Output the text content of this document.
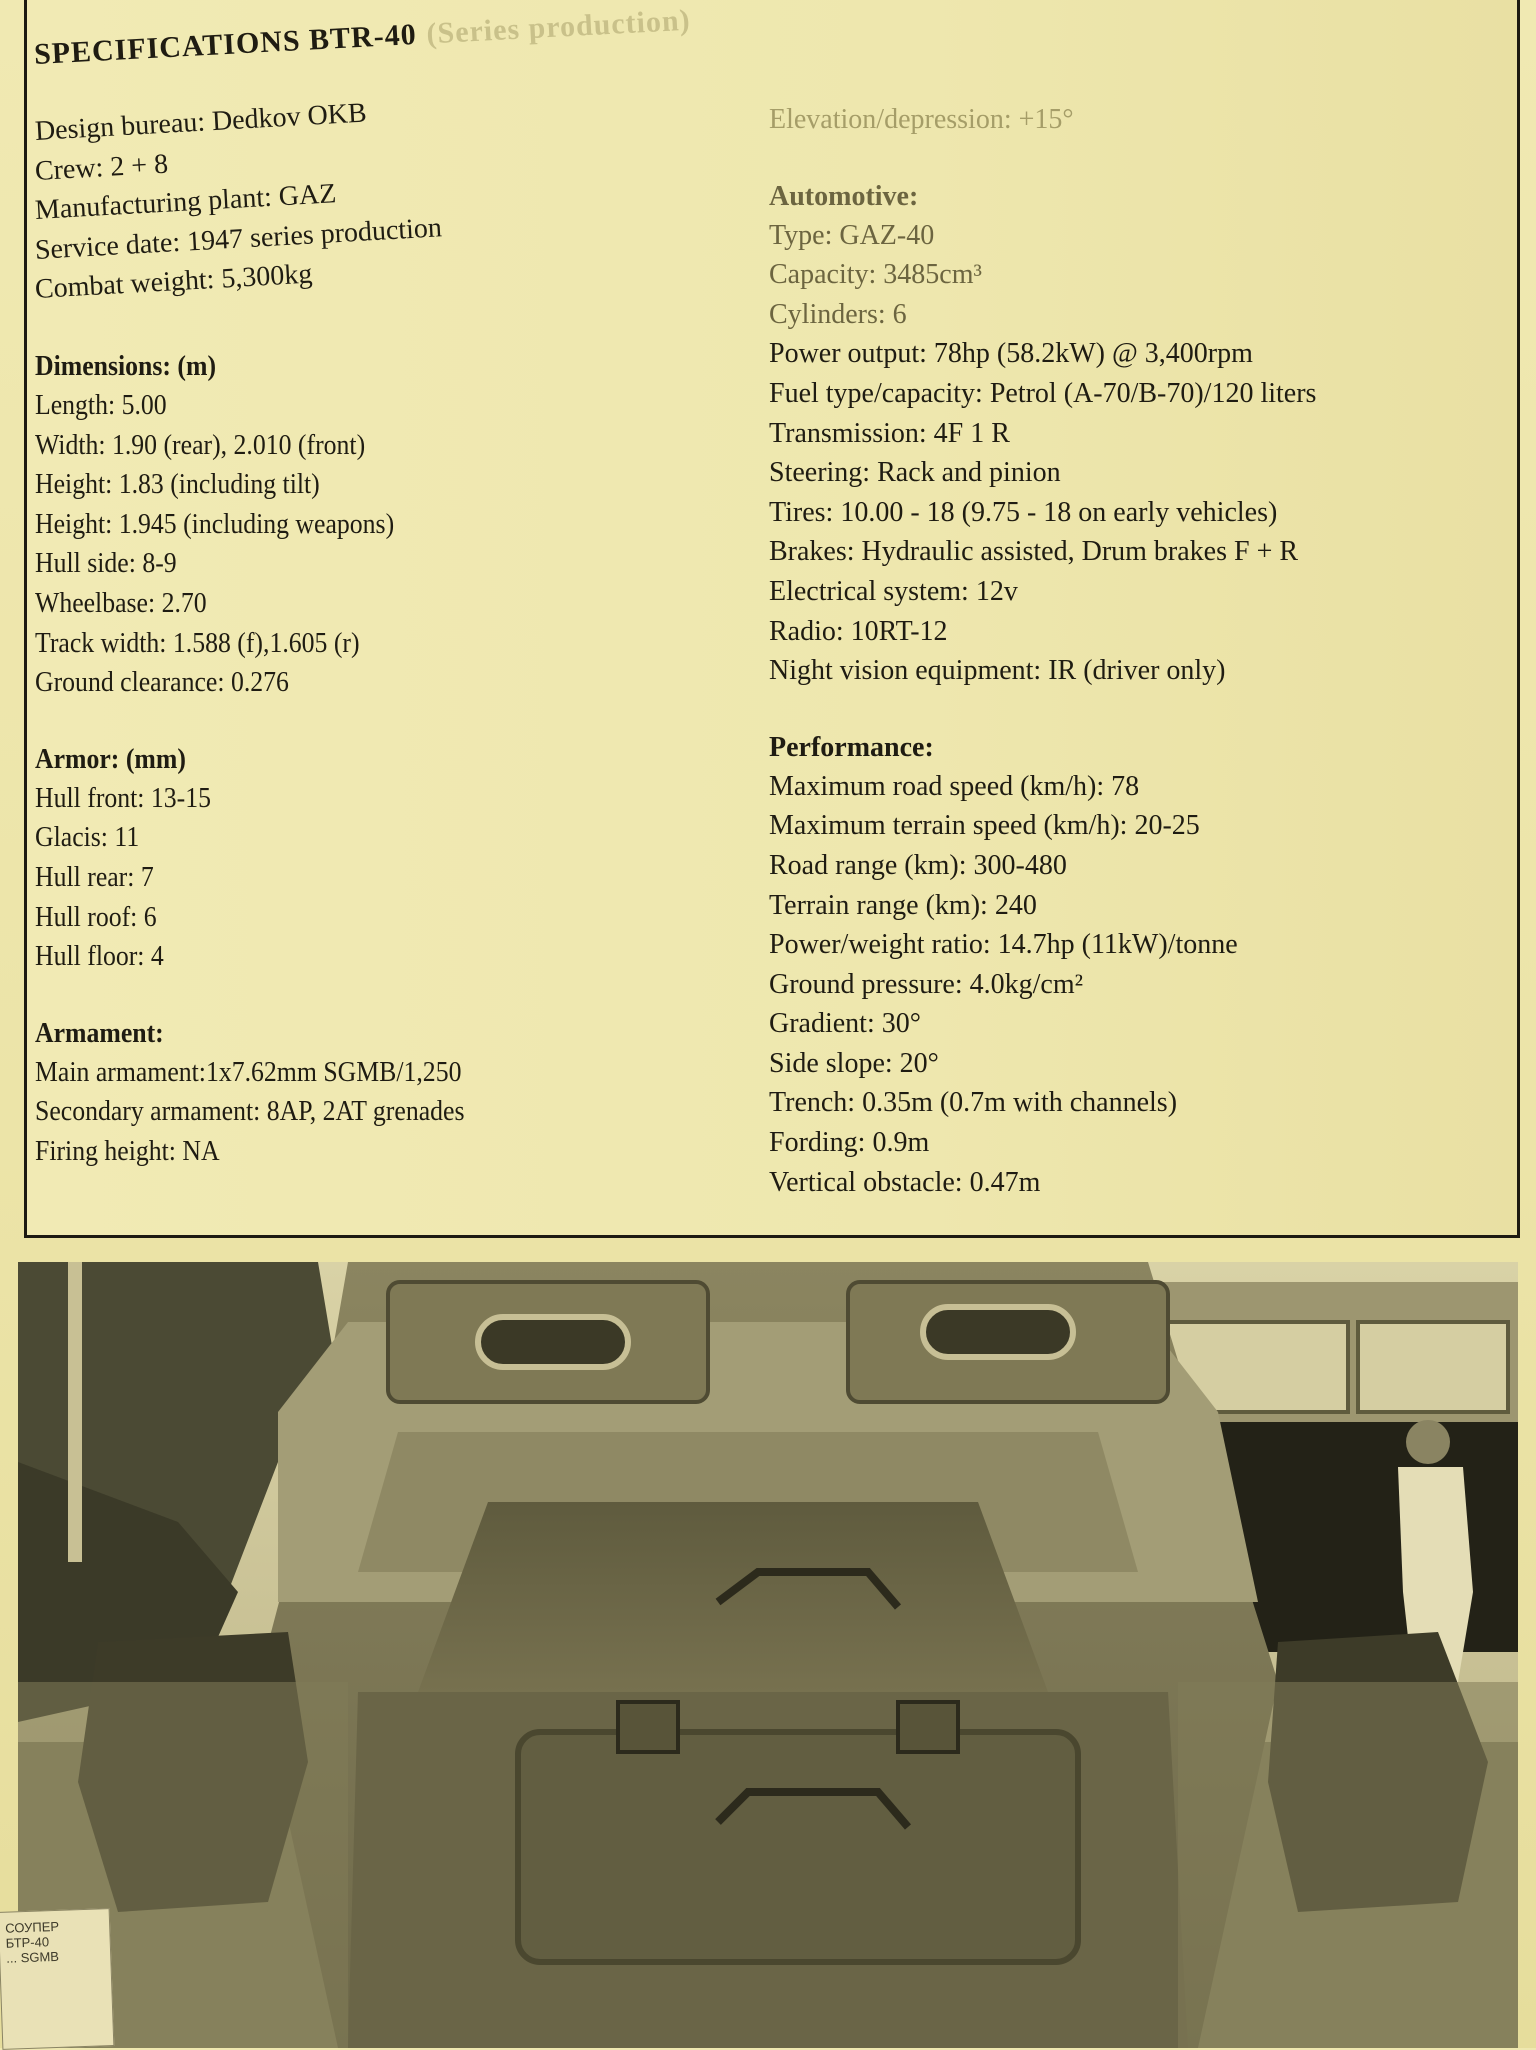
SPECIFICATIONS BTR-40 (Series production)
Design bureau: Dedkov OKB
Crew: 2 + 8
Manufacturing plant: GAZ
Service date: 1947 series production
Combat weight: 5,300kg
Dimensions: (m)
Length: 5.00
Width: 1.90 (rear), 2.010 (front)
Height: 1.83 (including tilt)
Height: 1.945 (including weapons)
Hull side: 8-9
Wheelbase: 2.70
Track width: 1.588 (f),1.605 (r)
Ground clearance: 0.276
Armor: (mm)
Hull front: 13-15
Glacis: 11
Hull rear: 7
Hull roof: 6
Hull floor: 4
Armament:
Main armament:1x7.62mm SGMB/1,250
Secondary armament: 8AP, 2AT grenades
Firing height: NA
Elevation/depression: +15°
Automotive:
Type: GAZ-40
Capacity: 3485cm³
Cylinders: 6
Power output: 78hp (58.2kW) @ 3,400rpm
Fuel type/capacity: Petrol (A-70/B-70)/120 liters
Transmission: 4F 1 R
Steering: Rack and pinion
Tires: 10.00 - 18 (9.75 - 18 on early vehicles)
Brakes: Hydraulic assisted, Drum brakes F + R
Electrical system: 12v
Radio: 10RT-12
Night vision equipment: IR (driver only)
Performance:
Maximum road speed (km/h): 78
Maximum terrain speed (km/h): 20-25
Road range (km): 300-480
Terrain range (km): 240
Power/weight ratio: 14.7hp (11kW)/tonne
Ground pressure: 4.0kg/cm²
Gradient: 30°
Side slope: 20°
Trench: 0.35m (0.7m with channels)
Fording: 0.9m
Vertical obstacle: 0.47m
СОУПЕР БТР-40
... SGMB
